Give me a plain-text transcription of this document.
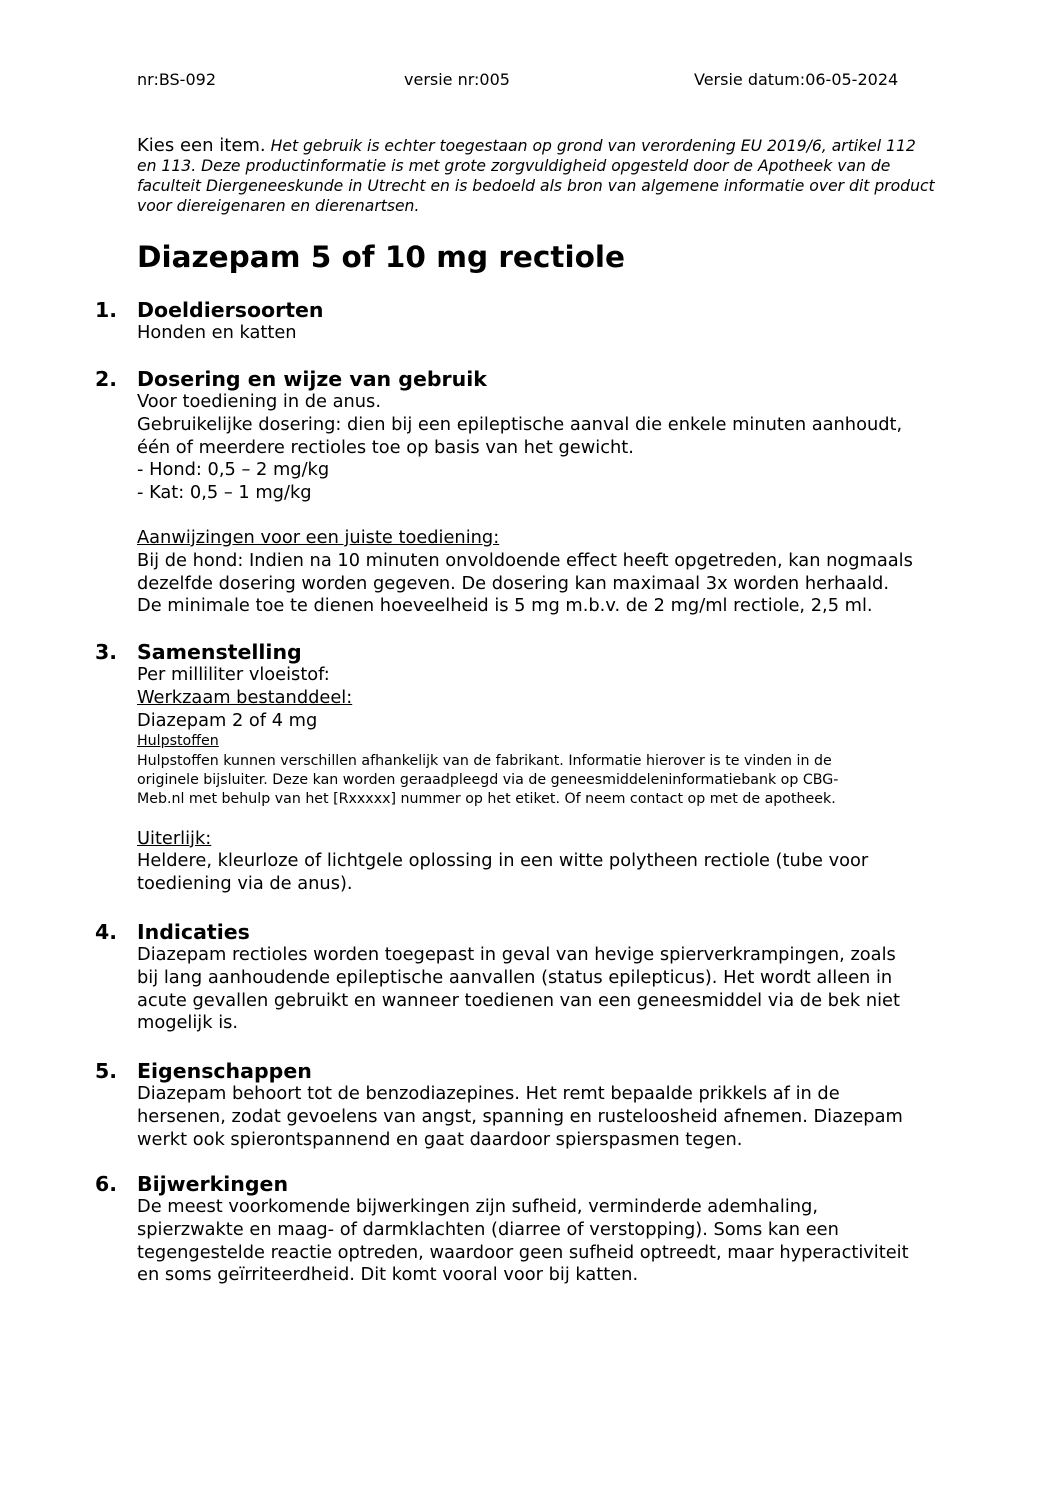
nr:BS-092	versie nr:005	Versie datum:06-05-2024
Kies een item. Het gebruik is echter toegestaan op grond van verordening EU 2019/6, artikel 112 en 113. Deze productinformatie is met grote zorgvuldigheid opgesteld door de Apotheek van de faculteit Diergeneeskunde in Utrecht en is bedoeld als bron van algemene informatie over dit product voor diereigenaren en dierenartsen.
Diazepam 5 of 10 mg rectiole
1. Doeldiersoorten

Honden en katten

2. Dosering en wijze van gebruik

Voor toediening in de anus.

Gebruikelijke dosering: dien bij een epileptische aanval die enkele minuten aanhoudt,

één of meerdere rectioles toe op basis van het gewicht.

- Hond: 0,5 – 2 mg/kg

- Kat: 0,5 – 1 mg/kg

Aanwijzingen voor een juiste toediening:

Bij de hond: Indien na 10 minuten onvoldoende effect heeft opgetreden, kan nogmaals

dezelfde dosering worden gegeven. De dosering kan maximaal 3x worden herhaald.

De minimale toe te dienen hoeveelheid is 5 mg m.b.v. de 2 mg/ml rectiole, 2,5 ml.

3. Samenstelling

Per milliliter vloeistof:

Werkzaam bestanddeel:

Diazepam 2 of 4 mg

Hulpstoffen

Hulpstoffen kunnen verschillen afhankelijk van de fabrikant. Informatie hierover is te vinden in de

originele bijsluiter. Deze kan worden geraadpleegd via de geneesmiddeleninformatiebank op CBG-

Meb.nl met behulp van het [Rxxxxx] nummer op het etiket. Of neem contact op met de apotheek.

Uiterlijk:

Heldere, kleurloze of lichtgele oplossing in een witte polytheen rectiole (tube voor

toediening via de anus).

4. Indicaties

Diazepam rectioles worden toegepast in geval van hevige spierverkrampingen, zoals

bij lang aanhoudende epileptische aanvallen (status epilepticus). Het wordt alleen in

acute gevallen gebruikt en wanneer toedienen van een geneesmiddel via de bek niet

mogelijk is.

5. Eigenschappen

Diazepam behoort tot de benzodiazepines. Het remt bepaalde prikkels af in de

hersenen, zodat gevoelens van angst, spanning en rusteloosheid afnemen. Diazepam

werkt ook spierontspannend en gaat daardoor spierspasmen tegen.

6. Bijwerkingen

De meest voorkomende bijwerkingen zijn sufheid, verminderde ademhaling,

spierzwakte en maag- of darmklachten (diarree of verstopping). Soms kan een

tegengestelde reactie optreden, waardoor geen sufheid optreedt, maar hyperactiviteit

en soms geïrriteerdheid. Dit komt vooral voor bij katten.
